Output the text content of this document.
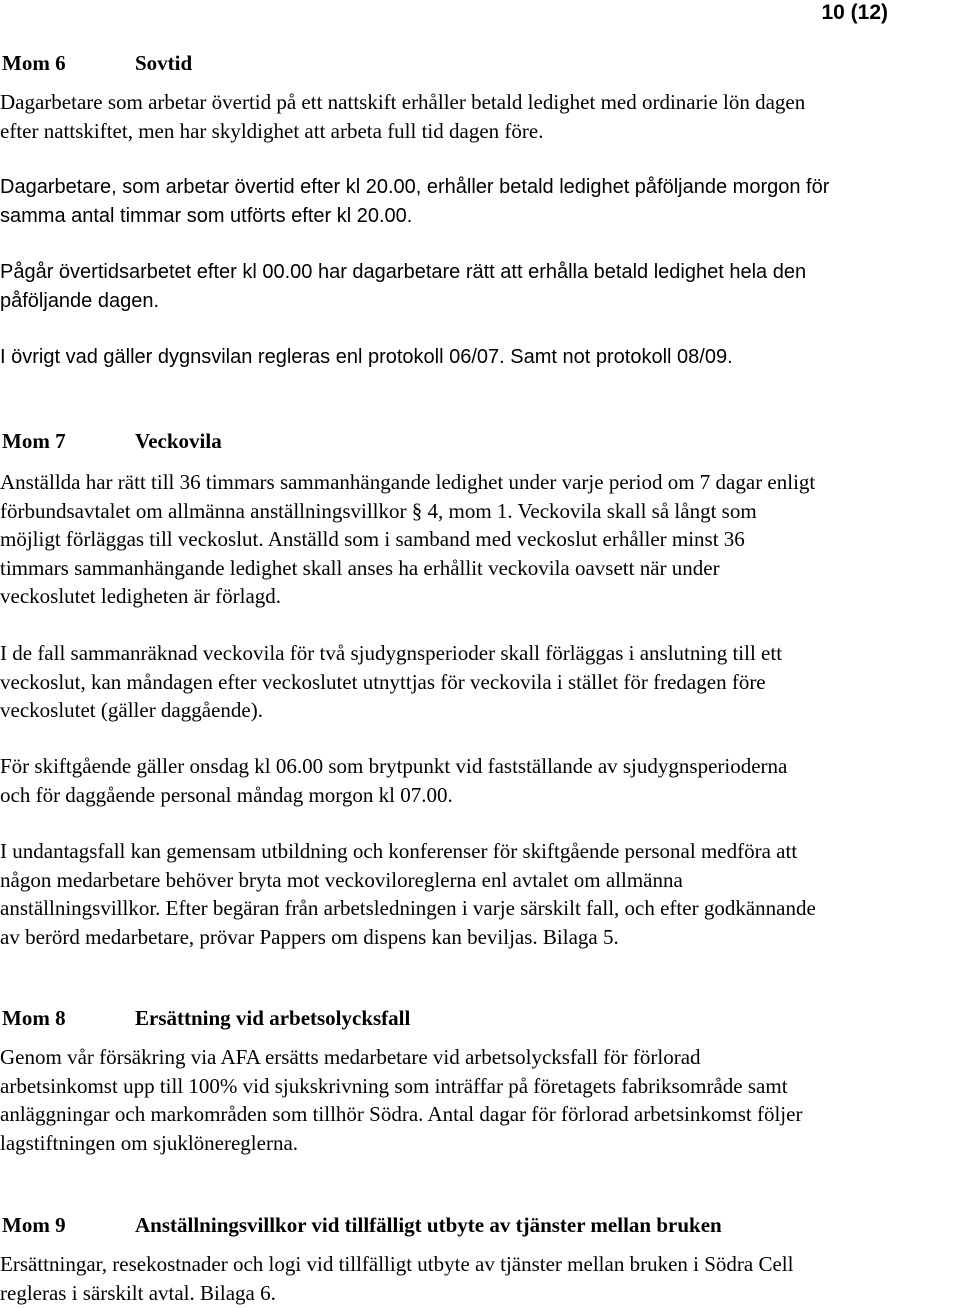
10 (12)
Mom 6	Sovtid
Dagarbetare som arbetar övertid på ett nattskift erhåller betald ledighet med ordinarie lön dagen
efter nattskiftet, men har skyldighet att arbeta full tid dagen före.
Dagarbetare, som arbetar övertid efter kl 20.00, erhåller betald ledighet påföljande morgon för
samma antal timmar som utförts efter kl 20.00.
Pågår övertidsarbetet efter kl 00.00 har dagarbetare rätt att erhålla betald ledighet hela den
påföljande dagen.
I övrigt vad gäller dygnsvilan regleras enl protokoll 06/07. Samt not protokoll 08/09.
Mom 7	Veckovila
Anställda har rätt till 36 timmars sammanhängande ledighet under varje period om 7 dagar enligt
förbundsavtalet om allmänna anställningsvillkor § 4, mom 1. Veckovila skall så långt som
möjligt förläggas till veckoslut. Anställd som i samband med veckoslut erhåller minst 36
timmars sammanhängande ledighet skall anses ha erhållit veckovila oavsett när under
veckoslutet ledigheten är förlagd.
I de fall sammanräknad veckovila för två sjudygnsperioder skall förläggas i anslutning till ett
veckoslut, kan måndagen efter veckoslutet utnyttjas för veckovila i stället för fredagen före
veckoslutet (gäller daggående).
För skiftgående gäller onsdag kl 06.00 som brytpunkt vid fastställande av sjudygnsperioderna
och för daggående personal måndag morgon kl 07.00.
I undantagsfall kan gemensam utbildning och konferenser för skiftgående personal medföra att
någon medarbetare behöver bryta mot veckoviloreglerna enl avtalet om allmänna
anställningsvillkor. Efter begäran från arbetsledningen i varje särskilt fall, och efter godkännande
av berörd medarbetare, prövar Pappers om dispens kan beviljas. Bilaga 5.
Mom 8	Ersättning vid arbetsolycksfall
Genom vår försäkring via AFA ersätts medarbetare vid arbetsolycksfall för förlorad
arbetsinkomst upp till 100% vid sjukskrivning som inträffar på företagets fabriksområde samt
anläggningar och markområden som tillhör Södra. Antal dagar för förlorad arbetsinkomst följer
lagstiftningen om sjuklöneregler​na.
Mom 9	Anställningsvillkor vid tillfälligt utbyte av tjänster mellan bruken
Ersättningar, resekostnader och logi vid tillfälligt utbyte av tjänster mellan bruken i Södra Cell
regleras i särskilt avtal. Bilaga 6.
